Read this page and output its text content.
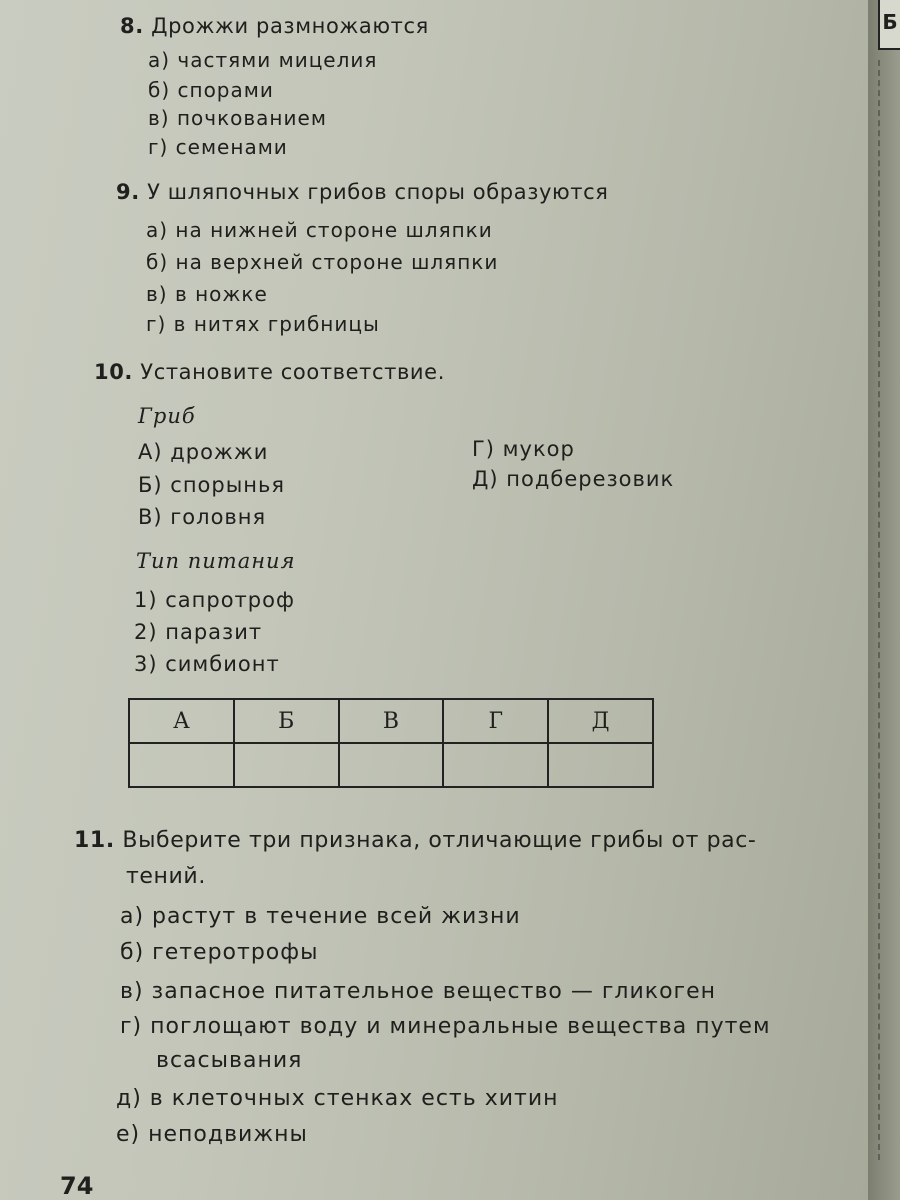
Б
8. Дрожжи размножаются
а) частями мицелия
б) спорами
в) почкованием
г) семенами
9. У шляпочных грибов споры образуются
а) на нижней стороне шляпки
б) на верхней стороне шляпки
в) в ножке
г) в нитях грибницы
10. Установите соответствие.
Гриб
А) дрожжи
Б) спорынья
В) головня
Г) мукор
Д) подберезовик
Тип питания
1) сапротроф
2) паразит
3) симбионт
А	Б	В	Г	Д

11. Выберите три признака, отличающие грибы от рас-
тений.
а) растут в течение всей жизни
б) гетеротрофы
в) запасное питательное вещество — гликоген
г) поглощают воду и минеральные вещества путем
всасывания
д) в клеточных стенках есть хитин
е) неподвижны
74
